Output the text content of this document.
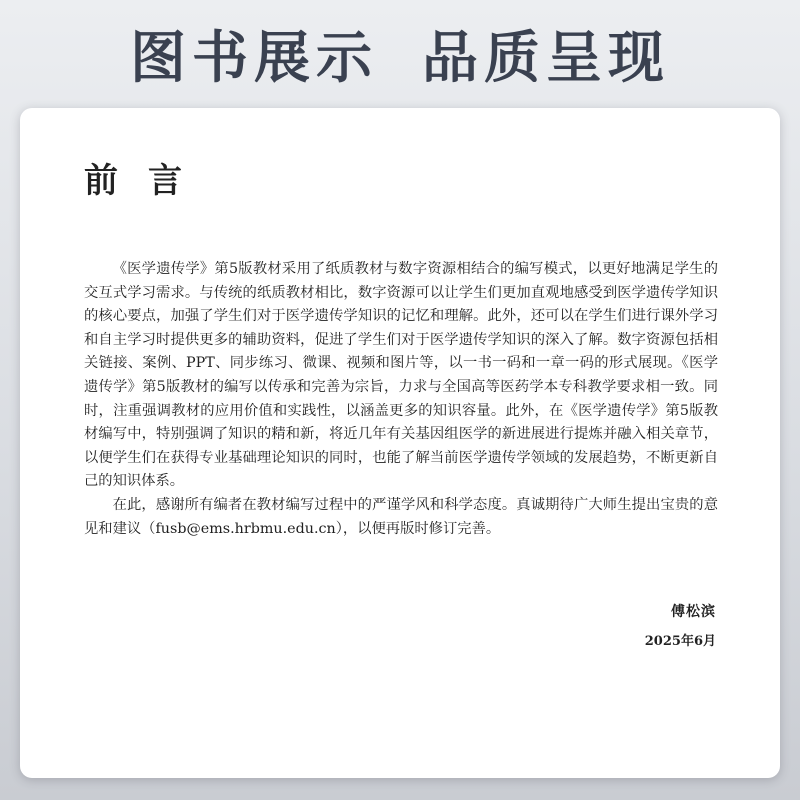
图书展示 品质呈现
前言

《医学遗传学》第5版教材采用了纸质教材与数字资源相结合的编写模式，以更好地满足学生的交互式学习需求。与传统的纸质教材相比，数字资源可以让学生们更加直观地感受到医学遗传学知识的核心要点，加强了学生们对于医学遗传学知识的记忆和理解。此外，还可以在学生们进行课外学习和自主学习时提供更多的辅助资料，促进了学生们对于医学遗传学知识的深入了解。数字资源包括相关链接、案例、PPT、同步练习、微课、视频和图片等，以一书一码和一章一码的形式展现。《医学遗传学》第5版教材的编写以传承和完善为宗旨，力求与全国高等医药学本专科教学要求相一致。同时，注重强调教材的应用价值和实践性，以涵盖更多的知识容量。此外，在《医学遗传学》第5版教材编写中，特别强调了知识的精和新，将近几年有关基因组医学的新进展进行提炼并融入相关章节，以便学生们在获得专业基础理论知识的同时，也能了解当前医学遗传学领域的发展趋势，不断更新自己的知识体系。

在此，感谢所有编者在教材编写过程中的严谨学风和科学态度。真诚期待广大师生提出宝贵的意见和建议（fusb@ems.hrbmu.edu.cn），以便再版时修订完善。

傅松滨
2025年6月
